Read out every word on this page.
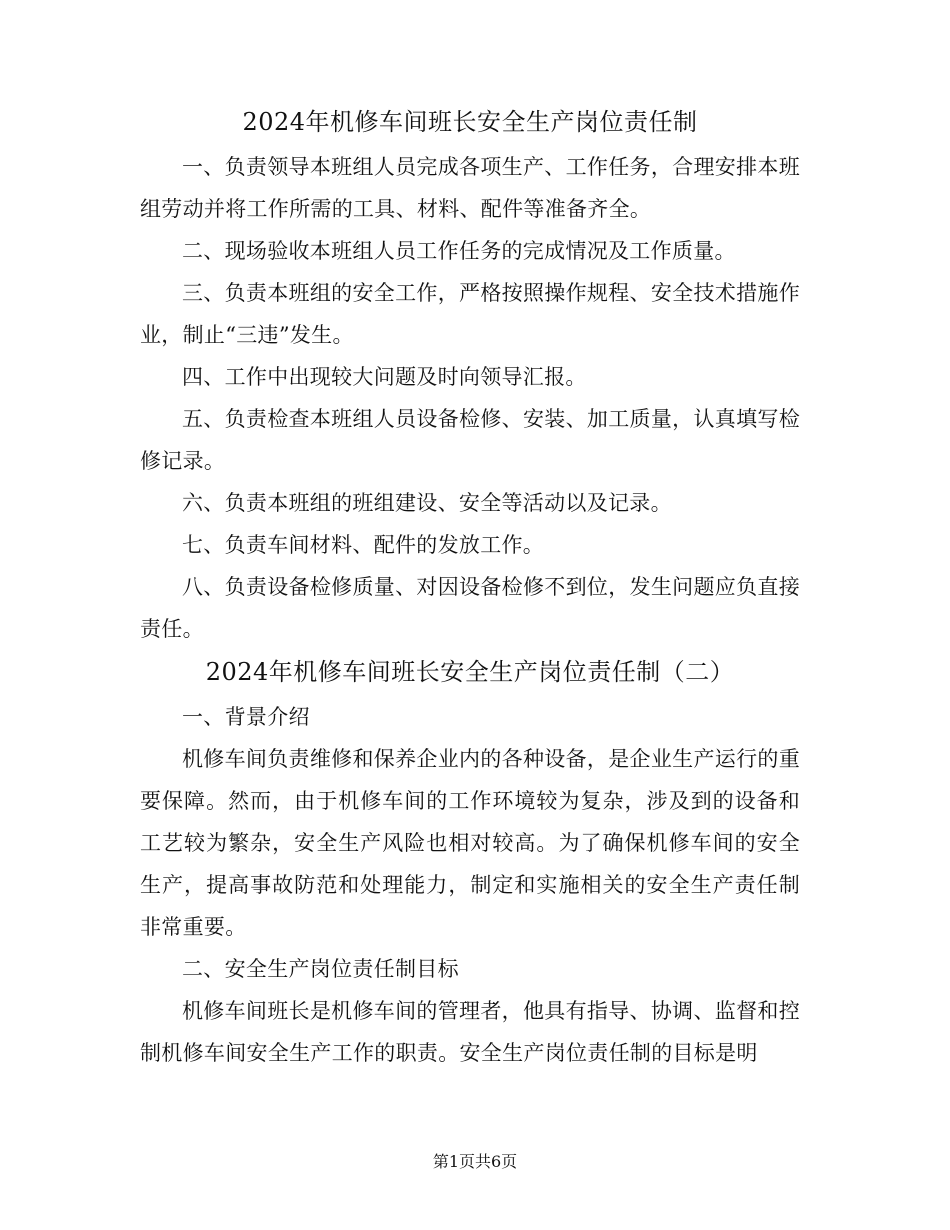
2024年机修车间班长安全生产岗位责任制

一、负责领导本班组人员完成各项生产、工作任务，合理安排本班组劳动并将工作所需的工具、材料、配件等准备齐全。

二、现场验收本班组人员工作任务的完成情况及工作质量。

三、负责本班组的安全工作，严格按照操作规程、安全技术措施作业，制止“三违”发生。

四、工作中出现较大问题及时向领导汇报。

五、负责检查本班组人员设备检修、安装、加工质量，认真填写检修记录。

六、负责本班组的班组建设、安全等活动以及记录。

七、负责车间材料、配件的发放工作。

八、负责设备检修质量、对因设备检修不到位，发生问题应负直接责任。

2024年机修车间班长安全生产岗位责任制（二）

一、背景介绍

机修车间负责维修和保养企业内的各种设备，是企业生产运行的重要保障。然而，由于机修车间的工作环境较为复杂，涉及到的设备和工艺较为繁杂，安全生产风险也相对较高。为了确保机修车间的安全生产，提高事故防范和处理能力，制定和实施相关的安全生产责任制非常重要。

二、安全生产岗位责任制目标

机修车间班长是机修车间的管理者，他具有指导、协调、监督和控制机修车间安全生产工作的职责。安全生产岗位责任制的目标是明

第1页共6页
